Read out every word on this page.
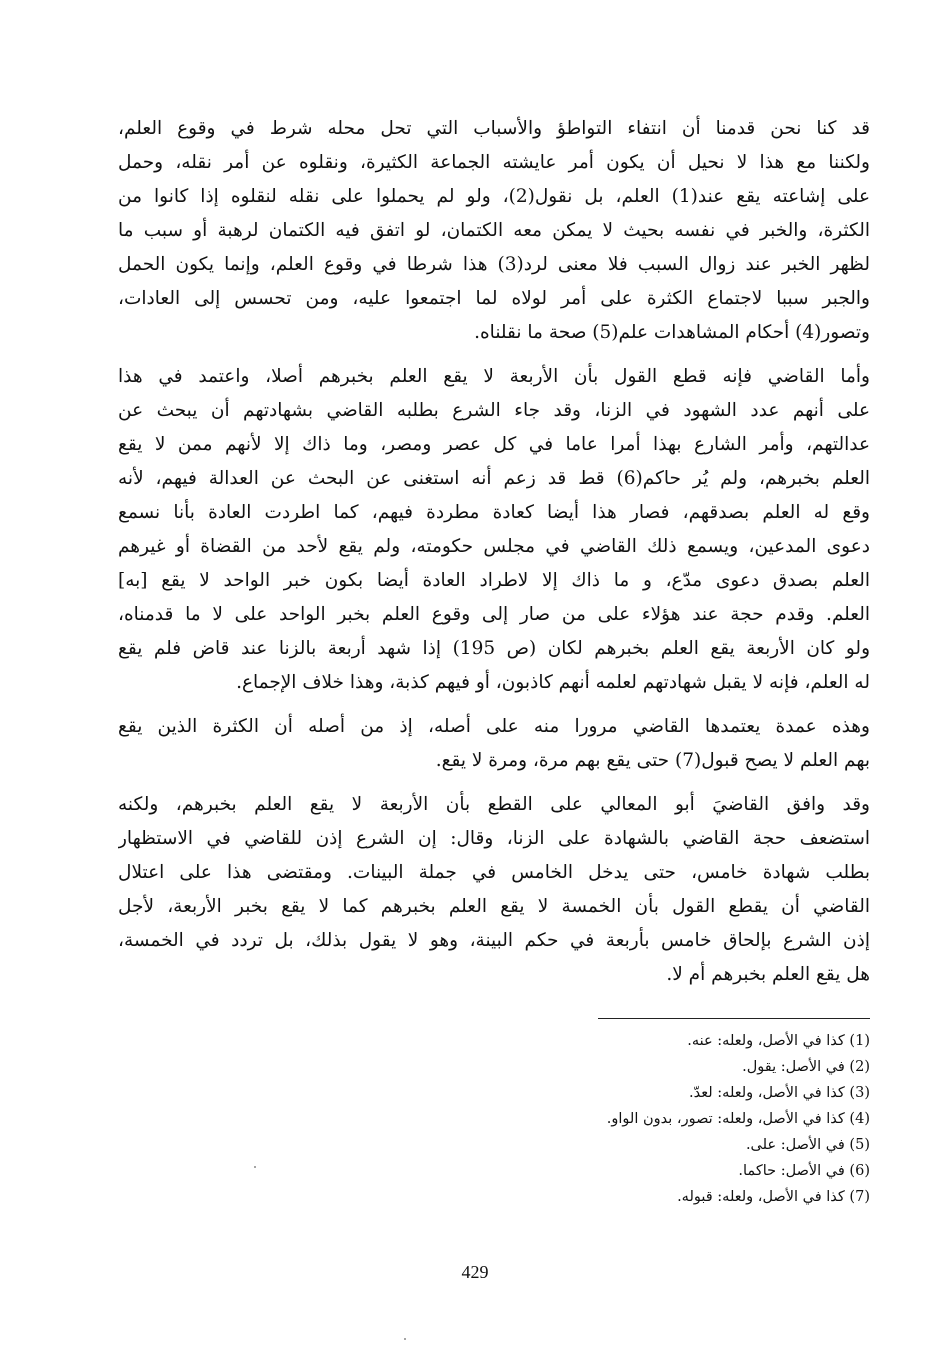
قد كنا نحن قدمنا أن انتفاء التواطؤ والأسباب التي تحل محله شرط في وقوع العلم،
ولكننا مع هذا لا نحيل أن يكون أمر عايشته الجماعة الكثيرة، ونقلوه عن أمر نقله، وحمل
على إشاعته يقع عند(1) العلم، بل نقول(2)، ولو لم يحملوا على نقله لنقلوه إذا كانوا من
الكثرة، والخبر في نفسه بحيث لا يمكن معه الكتمان، لو اتفق فيه الكتمان لرهبة أو سبب ما
لظهر الخبر عند زوال السبب فلا معنى لرد(3) هذا شرطا في وقوع العلم، وإنما يكون الحمل
والجبر سببا لاجتماع الكثرة على أمر لولاه لما اجتمعوا عليه، ومن تحسس إلى العادات،
وتصور(4) أحكام المشاهدات علم(5) صحة ما نقلناه.
وأما القاضي فإنه قطع القول بأن الأربعة لا يقع العلم بخبرهم أصلا، واعتمد في هذا
على أنهم عدد الشهود في الزنا، وقد جاء الشرع بطلبه القاضي بشهادتهم أن يبحث عن
عدالتهم، وأمر الشارع بهذا أمرا عاما في كل عصر ومصر، وما ذاك إلا لأنهم ممن لا يقع
العلم بخبرهم، ولم يُر حاكم(6) قط قد زعم أنه استغنى عن البحث عن العدالة فيهم، لأنه
وقع له العلم بصدقهم، فصار هذا أيضا كعادة مطردة فيهم، كما اطردت العادة بأنا نسمع
دعوى المدعين، ويسمع ذلك القاضي في مجلس حكومته، ولم يقع لأحد من القضاة أو غيرهم
العلم بصدق دعوى مدّع، و ما ذاك إلا لاطراد العادة أيضا بكون خبر الواحد لا يقع [به]
العلم. وقدم حجة عند هؤلاء على من صار إلى وقوع العلم بخبر الواحد على لا ما قدمناه،
ولو كان الأربعة يقع العلم بخبرهم لكان (ص 195) إذا شهد أربعة بالزنا عند قاض فلم يقع
له العلم، فإنه لا يقبل شهادتهم لعلمه أنهم كاذبون، أو فيهم كذبة، وهذا خلاف الإجماع.
وهذه عمدة يعتمدها القاضي مرورا منه على أصله، إذ من أصله أن الكثرة الذين يقع
بهم العلم لا يصح قبول(7) حتى يقع بهم مرة، ومرة لا يقع.
وقد وافق القاضيَ أبو المعالي على القطع بأن الأربعة لا يقع العلم بخبرهم، ولكنه
استضعف حجة القاضي بالشهادة على الزنا، وقال: إن الشرع إذن للقاضي في الاستظهار
بطلب شهادة خامس، حتى يدخل الخامس في جملة البينات. ومقتضى هذا على اعتلال
القاضي أن يقطع القول بأن الخمسة لا يقع العلم بخبرهم كما لا يقع بخبر الأربعة، لأجل
إذن الشرع بإلحاق خامس بأربعة في حكم البينة، وهو لا يقول بذلك، بل تردد في الخمسة،
هل يقع العلم بخبرهم أم لا.
(1) كذا في الأصل، ولعله: عنه.
(2) في الأصل: يقول.
(3) كذا في الأصل، ولعله: لعدّ.
(4) كذا في الأصل، ولعله: تصور، بدون الواو.
(5) في الأصل: على.
(6) في الأصل: حاكما.
(7) كذا في الأصل، ولعله: قبوله.
429
